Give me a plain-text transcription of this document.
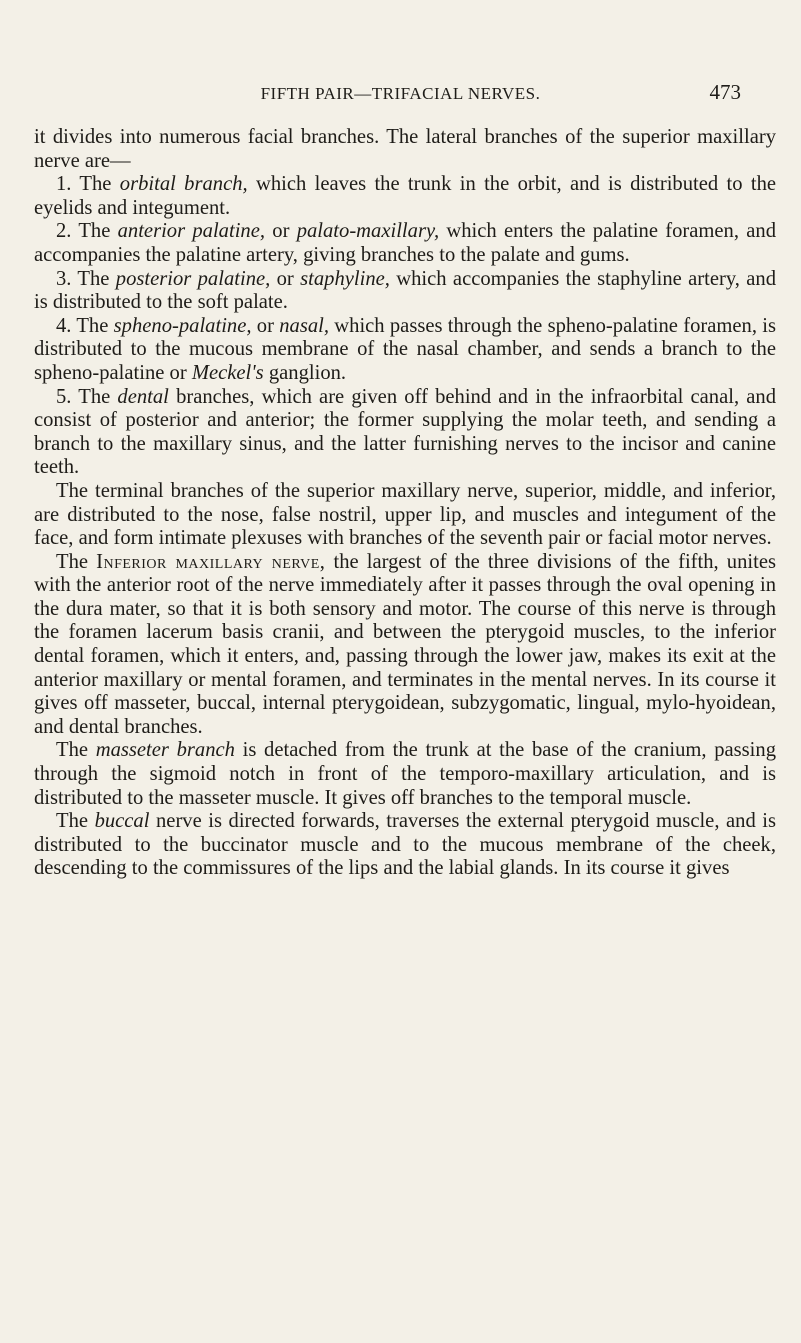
FIFTH PAIR—TRIFACIAL NERVES.	473

it divides into numerous facial branches. The lateral branches of the superior maxillary nerve are—

1. The orbital branch, which leaves the trunk in the orbit, and is distributed to the eyelids and integument.

2. The anterior palatine, or palato-maxillary, which enters the palatine foramen, and accompanies the palatine artery, giving branches to the palate and gums.

3. The posterior palatine, or staphyline, which accompanies the staphyline artery, and is distributed to the soft palate.

4. The spheno-palatine, or nasal, which passes through the spheno-palatine foramen, is distributed to the mucous membrane of the nasal chamber, and sends a branch to the spheno-palatine or Meckel's ganglion.

5. The dental branches, which are given off behind and in the infraorbital canal, and consist of posterior and anterior; the former supplying the molar teeth, and sending a branch to the maxillary sinus, and the latter furnishing nerves to the incisor and canine teeth.

The terminal branches of the superior maxillary nerve, superior, middle, and inferior, are distributed to the nose, false nostril, upper lip, and muscles and integument of the face, and form intimate plexuses with branches of the seventh pair or facial motor nerves.

The Inferior maxillary nerve, the largest of the three divisions of the fifth, unites with the anterior root of the nerve immediately after it passes through the oval opening in the dura mater, so that it is both sensory and motor. The course of this nerve is through the foramen lacerum basis cranii, and between the pterygoid muscles, to the inferior dental foramen, which it enters, and, passing through the lower jaw, makes its exit at the anterior maxillary or mental foramen, and terminates in the mental nerves. In its course it gives off masseter, buccal, internal pterygoidean, subzygomatic, lingual, mylo-hyoidean, and dental branches.

The masseter branch is detached from the trunk at the base of the cranium, passing through the sigmoid notch in front of the temporo-maxillary articulation, and is distributed to the masseter muscle. It gives off branches to the temporal muscle.

The buccal nerve is directed forwards, traverses the external pterygoid muscle, and is distributed to the buccinator muscle and to the mucous membrane of the cheek, descending to the commissures of the lips and the labial glands. In its course it gives
